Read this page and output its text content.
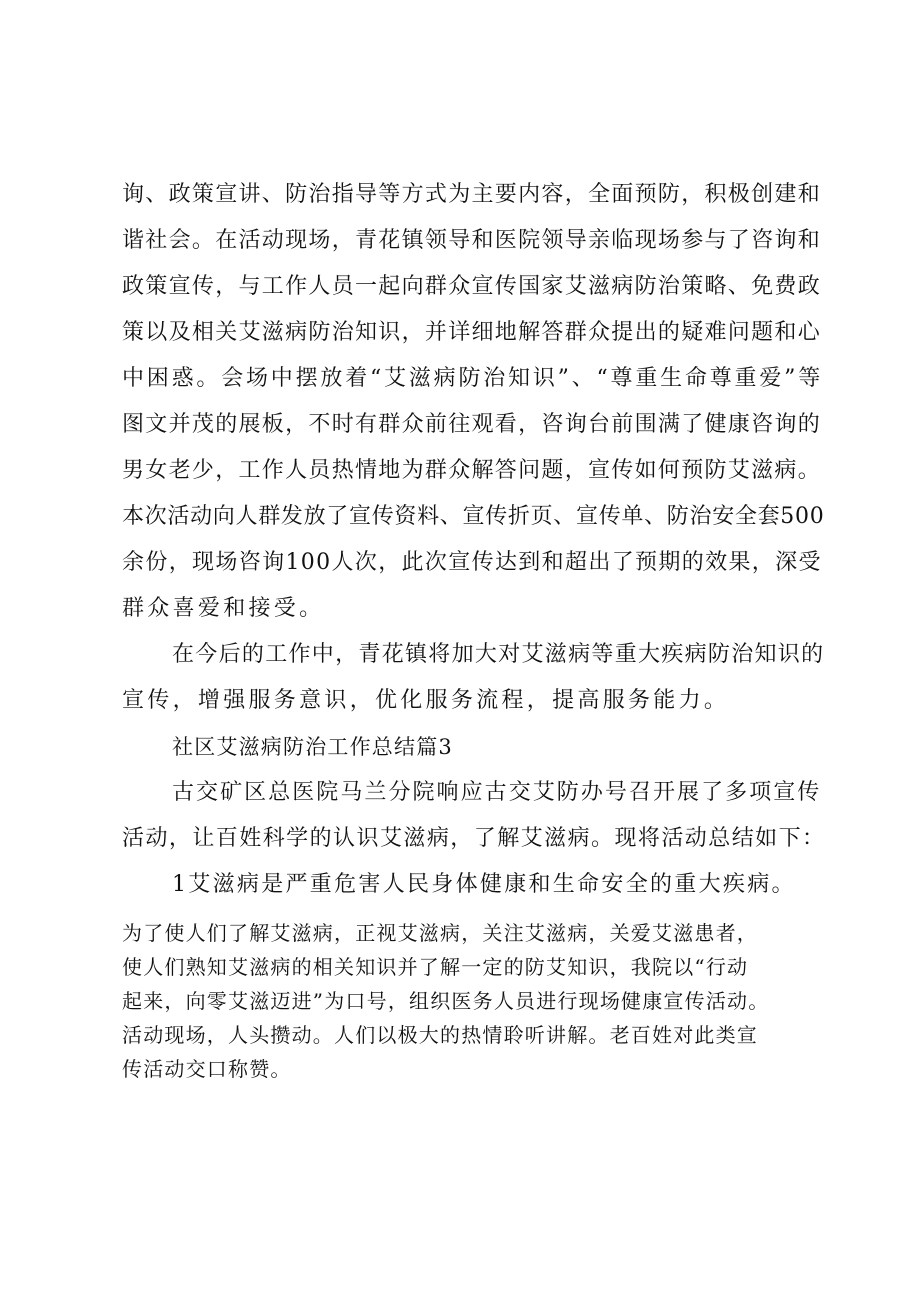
询、政策宣讲、防治指导等方式为主要内容，全面预防，积极创建和
谐社会。在活动现场，青花镇领导和医院领导亲临现场参与了咨询和
政策宣传，与工作人员一起向群众宣传国家艾滋病防治策略、免费政
策以及相关艾滋病防治知识，并详细地解答群众提出的疑难问题和心
中困惑。会场中摆放着“艾滋病防治知识”、“尊重生命尊重爱”等
图文并茂的展板，不时有群众前往观看，咨询台前围满了健康咨询的
男女老少，工作人员热情地为群众解答问题，宣传如何预防艾滋病。
本次活动向人群发放了宣传资料、宣传折页、宣传单、防治安全套500
余份，现场咨询100人次，此次宣传达到和超出了预期的效果，深受
群众喜爱和接受。
在今后的工作中，青花镇将加大对艾滋病等重大疾病防治知识的
宣传，增强服务意识，优化服务流程，提高服务能力。
社区艾滋病防治工作总结篇3
古交矿区总医院马兰分院响应古交艾防办号召开展了多项宣传
活动，让百姓科学的认识艾滋病，了解艾滋病。现将活动总结如下：
1艾滋病是严重危害人民身体健康和生命安全的重大疾病。
为了使人们了解艾滋病，正视艾滋病，关注艾滋病，关爱艾滋患者，
使人们熟知艾滋病的相关知识并了解一定的防艾知识，我院以“行动
起来，向零艾滋迈进”为口号，组织医务人员进行现场健康宣传活动。
活动现场，人头攒动。人们以极大的热情聆听讲解。老百姓对此类宣
传活动交口称赞。
